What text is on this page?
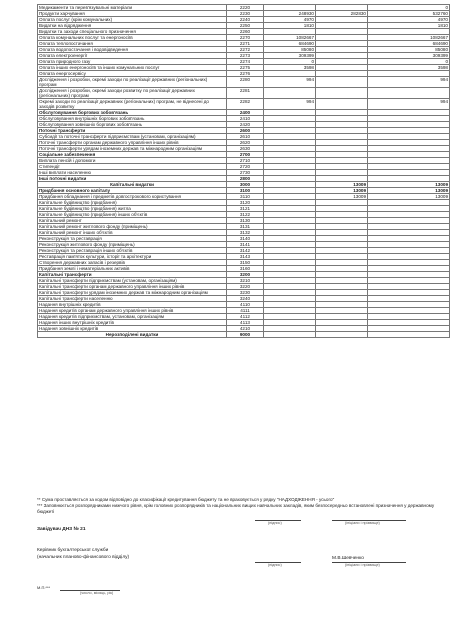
Медикаменти та перев'язувальні матеріали	2220			0
Продукти харчування	2230	248930	282830	532760
Оплата послуг (крім комунальних)	2240	4970		4970
Видатки на відрядження	2250	1810		1810
Видатки та заходи спеціального призначення	2260			
Оплата комунальних послуг та енергоносіїв	2270	1082667		1082667
Оплата теплопостачання	2271	684690		684690
Оплата водопостачання і водовідведення	2272	85080		85080
Оплата електроенергії	2273	309399		309399
Оплата природного газу	2274	0		0
Оплата інших енергоносіїв та інших комунальних послуг	2275	3598		3598
Оплата енергосервісу	2276			
Дослідження і розробки, окремі заходи по реалізації державних (регіональних) програм	2280	994		994
Дослідження і розробки, окремі заходи розвитку по реалізації державних (регіональних) програм	2281			
Окремі заходи по реалізації державних (регіональних) програм, не віднесені до заходів розвитку	2282	994		994
Обслуговування боргових зобов'язань	2400			
Обслуговування внутрішніх боргових зобов'язань	2410			
Обслуговування зовнішніх боргових зобов'язань	2420			
Поточні трансферти	2600			
Субсидії та поточні трансферти підприємствам (установам, організаціям)	2610			
Поточні трансферти органам державного управління інших рівнів	2620			
Поточні трансферти урядам іноземних держав та міжнародним організаціям	2630			
Соціальне забезпечення	2700			
Виплата пенсій і допомоги	2710			
Стипендії	2720			
Інші виплати населенню	2730			
Інші поточні видатки	2800			
Капітальні видатки	3000		13009	13009
Придбання основного капіталу	3100		13009	13009
Придбання обладнання і предметів довгострокового користування	3110		13009	13009
Капітальне будівництво (придбання)	3120			
Капітальне будівництво (придбання) житла	3121			
Капітальне будівництво (придбання) інших об'єктів	3122			
Капітальний ремонт	3130			
Капітальний ремонт житлового фонду (приміщень)	3131			
Капітальний ремонт інших об'єктів	3132			
Реконструкція та реставрація	3140			
Реконструкція житлового фонду (приміщень)	3141			
Реконструкція та реставрація інших об'єктів	3142			
Реставрація пам'яток культури, історії та архітектури	3143			
Створення державних запасів і резервів	3150			
Придбання землі і нематеріальних активів	3160			
Капітальні трансферти	3200			
Капітальні трансферти підприємствам (установам, організаціям)	3210			
Капітальні трансферти органам державного управління інших рівнів	3220			
Капітальні трансферти урядам іноземних держав та міжнародним організаціям	3230			
Капітальні трансферти населенню	3240			
Надання внутрішніх кредитів	4110			
Надання кредитів органам державного управління інших рівнів	4111			
Надання кредитів підприємствам, установам, організаціям	4112			
Надання інших внутрішніх кредитів	4113			
Надання зовнішніх кредитів	4210			
Нерозподілені видатки	9000			
** Сума проставляється за кодом відповідно до класифікації кредитування бюджету та не враховується у рядку "НАДХОДЖЕННЯ - усього"
*** Заповнюється розпорядниками нижчого рівня, крім головних розпорядників та національних вищих навчальних закладів, яким безпосередньо встановлені призначення у державному бюджеті
Завідувач ДНЗ № 21
(підпис)	(ініціали і прізвище)
Керівник бухгалтерської служби
(начальник планово-фінансового відділу)
(підпис)
М.В.Шевченко
(ініціали і прізвище)
М.П.***
(число, місяць, рік)
